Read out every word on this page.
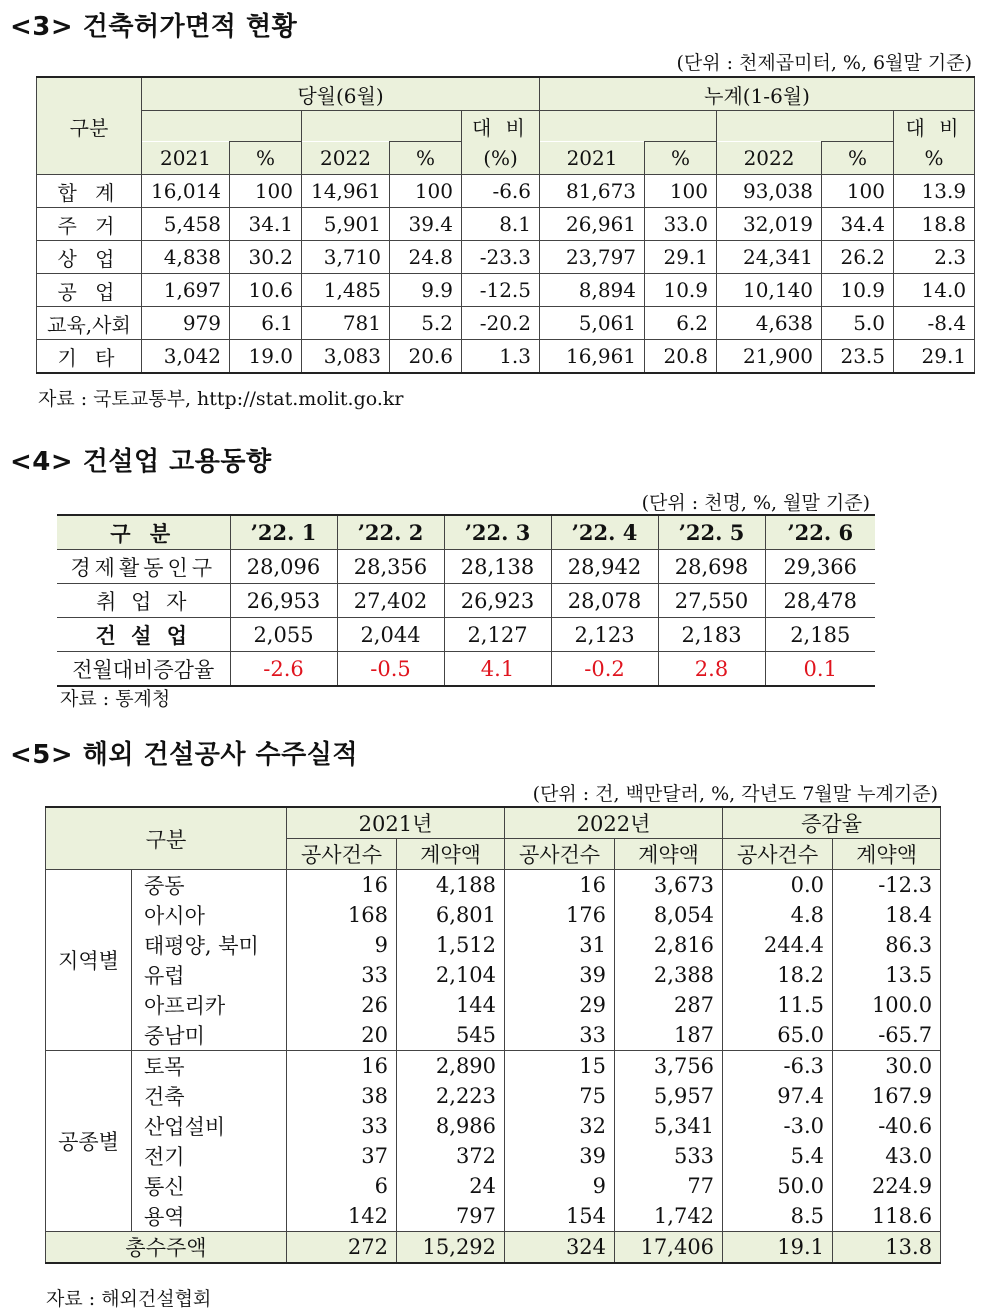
<3> 건축허가면적 현황
(단위 : 천제곱미터, %, 6월말 기준)
구분	당월(6월)					누계(1-6월)				
					대 비					대 비
	2021	%	2022	%	(%)	2021	%	2022	%	%
합 계	16,014	100	14,961	100	-6.6	81,673	100	93,038	100	13.9
주 거	5,458	34.1	5,901	39.4	8.1	26,961	33.0	32,019	34.4	18.8
상 업	4,838	30.2	3,710	24.8	-23.3	23,797	29.1	24,341	26.2	2.3
공 업	1,697	10.6	1,485	9.9	-12.5	8,894	10.9	10,140	10.9	14.0
교육,사회	979	6.1	781	5.2	-20.2	5,061	6.2	4,638	5.0	-8.4
기 타	3,042	19.0	3,083	20.6	1.3	16,961	20.8	21,900	23.5	29.1
자료 : 국토교통부, http://stat.molit.go.kr
<4> 건설업 고용동향
(단위 : 천명, %, 월말 기준)
구 분	’22. 1	’22. 2	’22. 3	’22. 4	’22. 5	’22. 6
경제활동인구	28,096	28,356	28,138	28,942	28,698	29,366
취 업 자	26,953	27,402	26,923	28,078	27,550	28,478
건 설 업	2,055	2,044	2,127	2,123	2,183	2,185
전월대비증감율	-2.6	-0.5	4.1	-0.2	2.8	0.1
자료 : 통계청
<5> 해외 건설공사 수주실적
(단위 : 건, 백만달러, %, 각년도 7월말 누계기준)
구분		2021년		2022년		증감율	
		공사건수	계약액	공사건수	계약액	공사건수	계약액
지역별	중동	16	4,188	16	3,673	0.0	-12.3
	아시아	168	6,801	176	8,054	4.8	18.4
	태평양, 북미	9	1,512	31	2,816	244.4	86.3
	유럽	33	2,104	39	2,388	18.2	13.5
	아프리카	26	144	29	287	11.5	100.0
	중남미	20	545	33	187	65.0	-65.7
공종별	토목	16	2,890	15	3,756	-6.3	30.0
	건축	38	2,223	75	5,957	97.4	167.9
	산업설비	33	8,986	32	5,341	-3.0	-40.6
	전기	37	372	39	533	5.4	43.0
	통신	6	24	9	77	50.0	224.9
	용역	142	797	154	1,742	8.5	118.6
총수주액		272	15,292	324	17,406	19.1	13.8
자료 : 해외건설협회
